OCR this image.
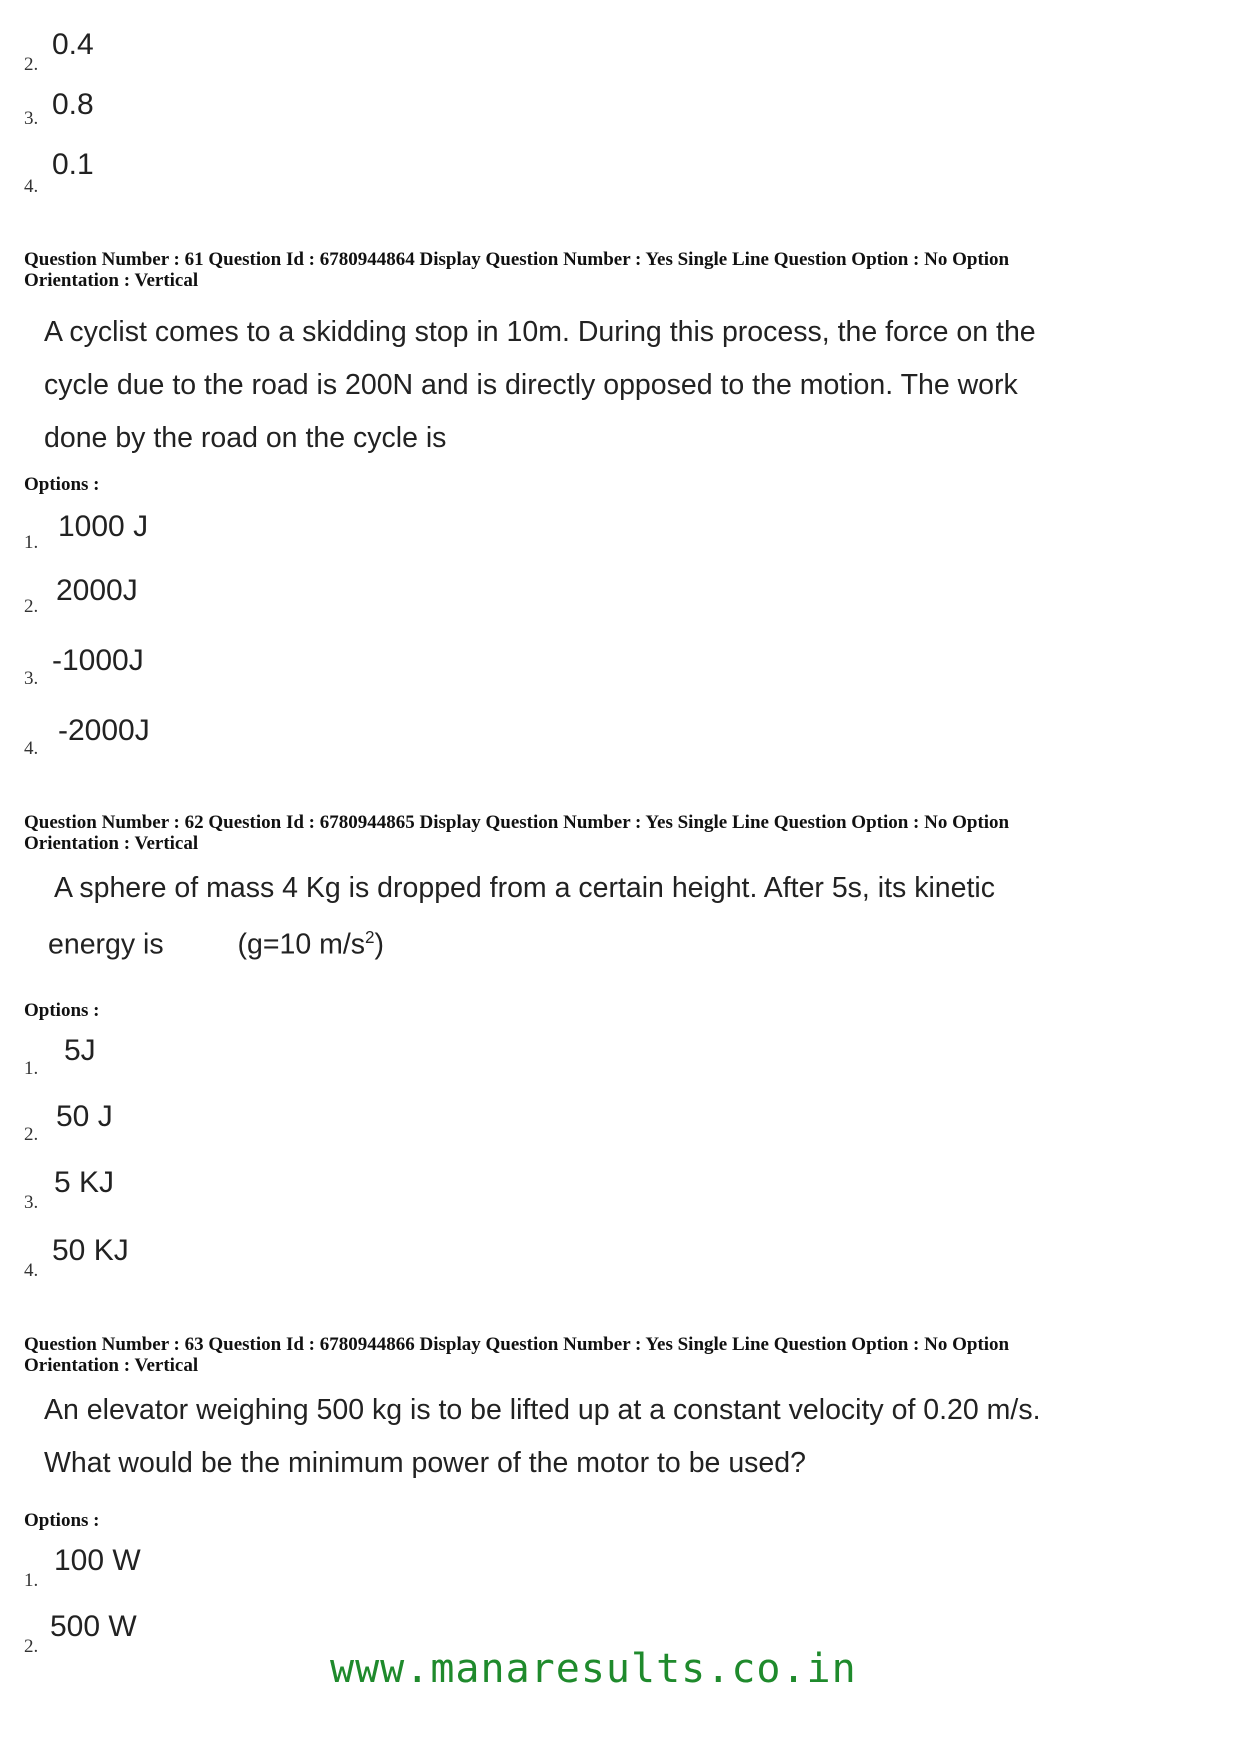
2.
0.4
3. 0.8
4.
0.1
Question Number : 61 Question Id : 6780944864 Display Question Number : Yes Single Line Question Option : No Option
Orientation : Vertical
A cyclist comes to a skidding stop in 10m. During this process, the force on the
cycle due to the road is 200N and is directly opposed to the motion. The work
done by the road on the cycle is
Options :
1. 1000 J
2. 2000J
3.
-1000J
4.
-2000J
Question Number : 62 Question Id : 6780944865 Display Question Number : Yes Single Line Question Option : No Option
Orientation : Vertical
A sphere of mass 4 Kg is dropped from a certain height. After 5s, its kinetic
energy is	(g=10 $m/s^2$)
Options :
1.
5J
2.
50 J
3.
5 KJ
4.
50 KJ
Question Number : 63 Question Id : 6780944866 Display Question Number : Yes Single Line Question Option : No Option
Orientation : Vertical
An elevator weighing 500 kg is to be lifted up at a constant velocity of 0.20 m/s.
What would be the minimum power of the motor to be used?
Options :
1.
100 W
2.
500 W
www.manaresults.co.in
